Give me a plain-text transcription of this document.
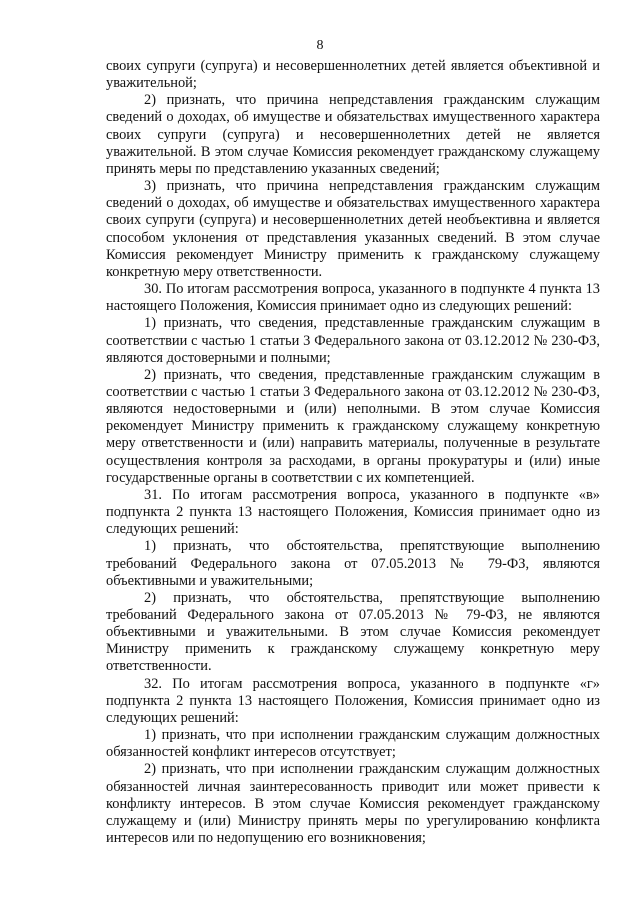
8

своих супруги (супруга) и несовершеннолетних детей является объективной и уважительной;

2) признать, что причина непредставления гражданским служащим сведений о доходах, об имуществе и обязательствах имущественного характера своих супруги (супруга) и несовершеннолетних детей не является уважительной. В этом случае Комиссия рекомендует гражданскому служащему принять меры по представлению указанных сведений;

3) признать, что причина непредставления гражданским служащим сведений о доходах, об имуществе и обязательствах имущественного характера своих супруги (супруга) и несовершеннолетних детей необъективна и является способом уклонения от представления указанных сведений. В этом случае Комиссия рекомендует Министру применить к гражданскому служащему конкретную меру ответственности.

30. По итогам рассмотрения вопроса, указанного в подпункте 4 пункта 13 настоящего Положения, Комиссия принимает одно из следующих решений:

1) признать, что сведения, представленные гражданским служащим в соответствии с частью 1 статьи 3 Федерального закона от 03.12.2012 № 230-ФЗ, являются достоверными и полными;

2) признать, что сведения, представленные гражданским служащим в соответствии с частью 1 статьи 3 Федерального закона от 03.12.2012 № 230-ФЗ, являются недостоверными и (или) неполными. В этом случае Комиссия рекомендует Министру применить к гражданскому служащему конкретную меру ответственности и (или) направить материалы, полученные в результате осуществления контроля за расходами, в органы прокуратуры и (или) иные государственные органы в соответствии с их компетенцией.

31. По итогам рассмотрения вопроса, указанного в подпункте «в» подпункта 2 пункта 13 настоящего Положения, Комиссия принимает одно из следующих решений:

1) признать, что обстоятельства, препятствующие выполнению требований Федерального закона от 07.05.2013 № 79-ФЗ, являются объективными и уважительными;

2) признать, что обстоятельства, препятствующие выполнению требований Федерального закона от 07.05.2013 № 79-ФЗ, не являются объективными и уважительными. В этом случае Комиссия рекомендует Министру применить к гражданскому служащему конкретную меру ответственности.

32. По итогам рассмотрения вопроса, указанного в подпункте «г» подпункта 2 пункта 13 настоящего Положения, Комиссия принимает одно из следующих решений:

1) признать, что при исполнении гражданским служащим должностных обязанностей конфликт интересов отсутствует;

2) признать, что при исполнении гражданским служащим должностных обязанностей личная заинтересованность приводит или может привести к конфликту интересов. В этом случае Комиссия рекомендует гражданскому служащему и (или) Министру принять меры по урегулированию конфликта интересов или по недопущению его возникновения;
